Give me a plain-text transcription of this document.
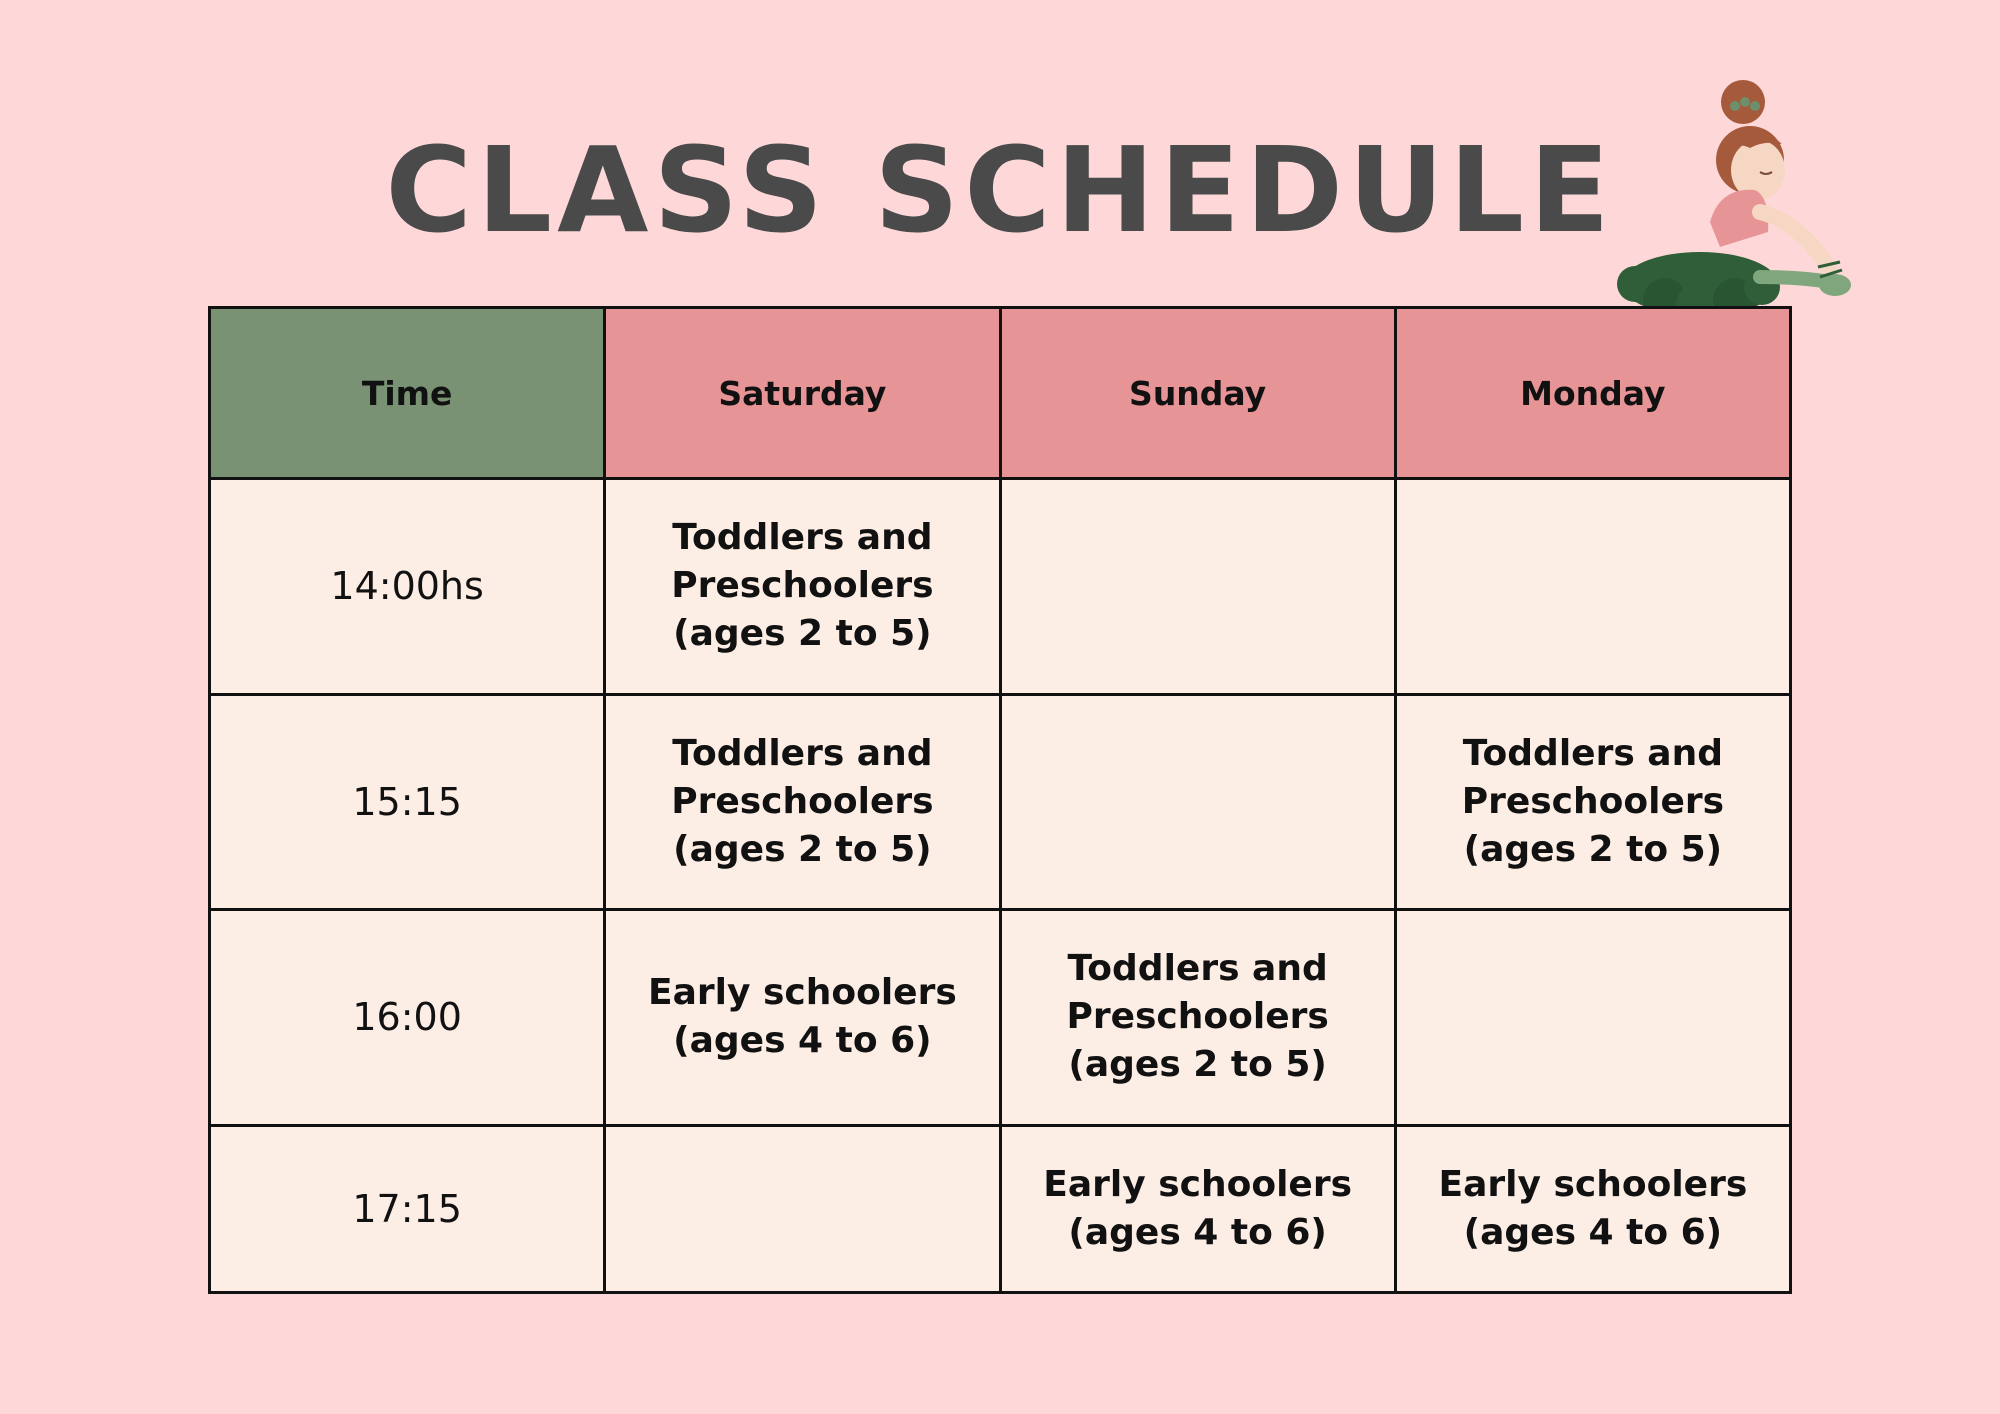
CLASS SCHEDULE
Time	Saturday	Sunday	Monday
14:00hs	Toddlers and Preschoolers (ages 2 to 5)		
15:15	Toddlers and Preschoolers (ages 2 to 5)		Toddlers and Preschoolers (ages 2 to 5)
16:00	Early schoolers (ages 4 to 6)	Toddlers and Preschoolers (ages 2 to 5)	
17:15		Early schoolers (ages 4 to 6)	Early schoolers (ages 4 to 6)
